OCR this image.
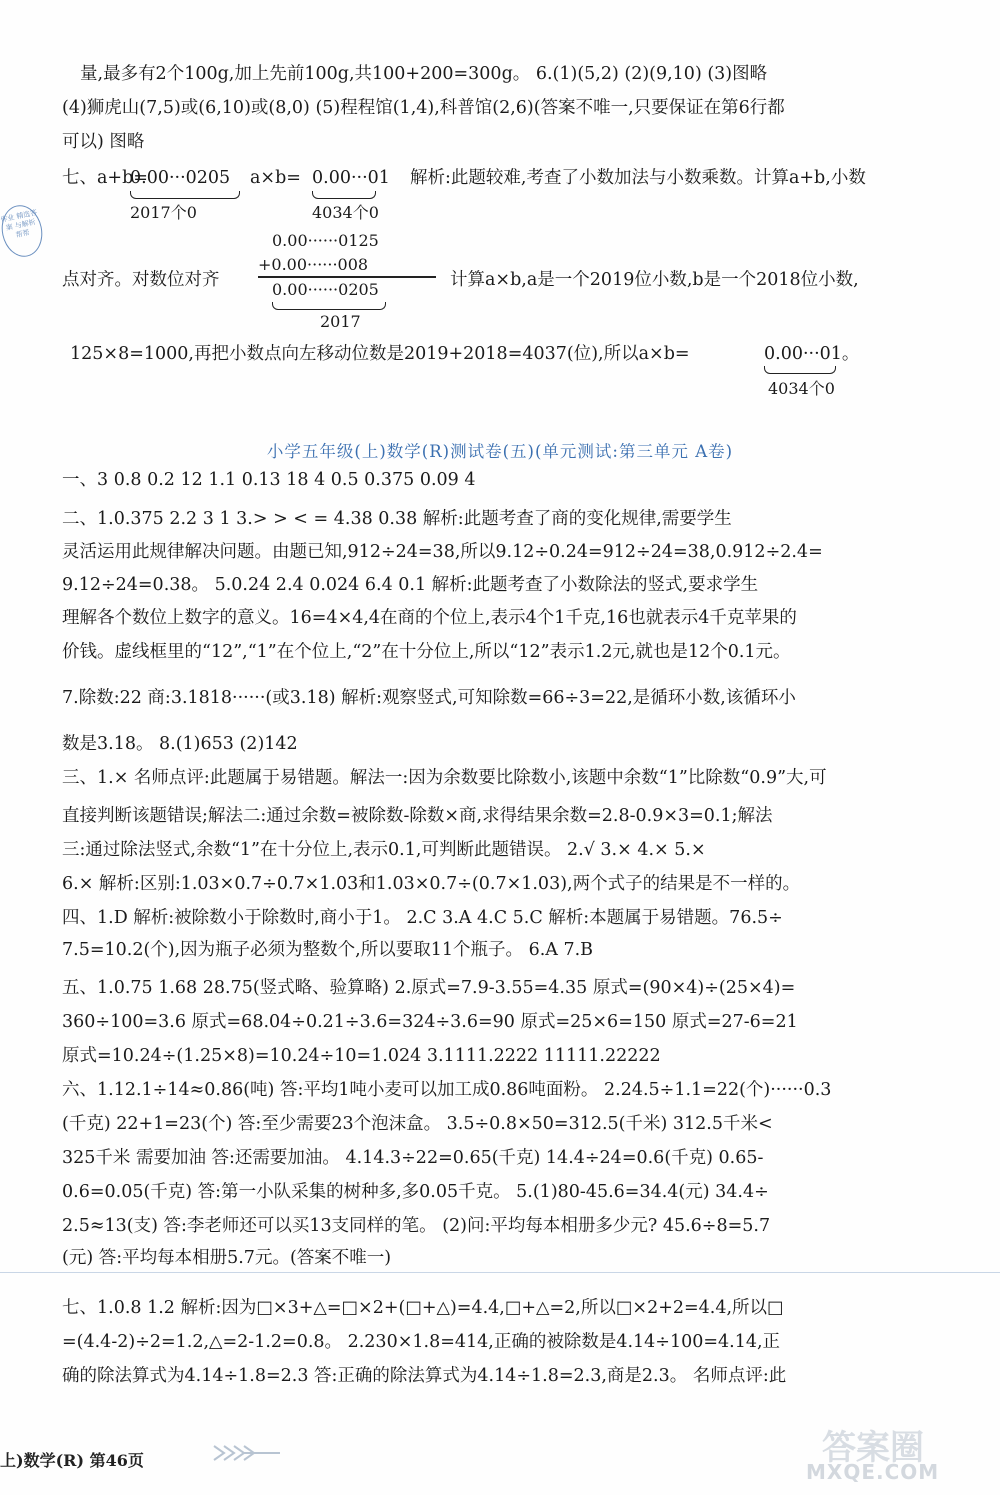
量,最多有2个100g,加上先前100g,共100+200=300g。 6.(1)(5,2) (2)(9,10) (3)图略
(4)狮虎山(7,5)或(6,10)或(8,0) (5)程程馆(1,4),科普馆(2,6)(答案不唯一,只要保证在第6行都
可以) 图略
七、a+b=
0.00···0205
2017个0
a×b= 0.00···01
4034个0
解析:此题较难,考查了小数加法与小数乘数。计算a+b,小数
作业 精选答案 与解析 帮帮	0.00······0125
+0.00······008
点对齐。对数位对齐	0.00······0205
2017
计算a×b,a是一个2019位小数,b是一个2018位小数,
125×8=1000,再把小数点向左移动位数是2019+2018=4037(位),所以a×b=	0.00···01。
4034个0
小学五年级(上)数学(R)测试卷(五)(单元测试:第三单元 A卷)
一、3 0.8 0.2 12 1.1 0.13 18 4 0.5 0.375 0.09 4
二、1.0.375 2.2 3 1 3.> > < = 4.38 0.38 解析:此题考查了商的变化规律,需要学生
灵活运用此规律解决问题。由题已知,912÷24=38,所以9.12÷0.24=912÷24=38,0.912÷2.4=
9.12÷24=0.38。 5.0.24 2.4 0.024 6.4 0.1 解析:此题考查了小数除法的竖式,要求学生
理解各个数位上数字的意义。16=4×4,4在商的个位上,表示4个1千克,16也就表示4千克苹果的
价钱。虚线框里的“12”,“1”在个位上,“2”在十分位上,所以“12”表示1.2元,就也是12个0.1元。
7.除数:22 商:3.1818······(或3.18) 解析:观察竖式,可知除数=66÷3=22,是循环小数,该循环小
数是3.18。 8.(1)653 (2)142
三、1.× 名师点评:此题属于易错题。解法一:因为余数要比除数小,该题中余数“1”比除数“0.9”大,可
直接判断该题错误;解法二:通过余数=被除数-除数×商,求得结果余数=2.8-0.9×3=0.1;解法
三:通过除法竖式,余数“1”在十分位上,表示0.1,可判断此题错误。 2.√ 3.× 4.× 5.×
6.× 解析:区别:1.03×0.7÷0.7×1.03和1.03×0.7÷(0.7×1.03),两个式子的结果是不一样的。
四、1.D 解析:被除数小于除数时,商小于1。 2.C 3.A 4.C 5.C 解析:本题属于易错题。76.5÷
7.5=10.2(个),因为瓶子必须为整数个,所以要取11个瓶子。 6.A 7.B
五、1.0.75 1.68 28.75(竖式略、验算略) 2.原式=7.9-3.55=4.35 原式=(90×4)÷(25×4)=
360÷100=3.6 原式=68.04÷0.21÷3.6=324÷3.6=90 原式=25×6=150 原式=27-6=21
原式=10.24÷(1.25×8)=10.24÷10=1.024 3.1111.2222 11111.22222
六、1.12.1÷14≈0.86(吨) 答:平均1吨小麦可以加工成0.86吨面粉。 2.24.5÷1.1=22(个)······0.3
(千克) 22+1=23(个) 答:至少需要23个泡沫盒。 3.5÷0.8×50=312.5(千米) 312.5千米<
325千米 需要加油 答:还需要加油。 4.14.3÷22=0.65(千克) 14.4÷24=0.6(千克) 0.65-
0.6=0.05(千克) 答:第一小队采集的树种多,多0.05千克。 5.(1)80-45.6=34.4(元) 34.4÷
2.5≈13(支) 答:李老师还可以买13支同样的笔。 (2)问:平均每本相册多少元? 45.6÷8=5.7
(元) 答:平均每本相册5.7元。(答案不唯一)
七、1.0.8 1.2 解析:因为□×3+△=□×2+(□+△)=4.4,□+△=2,所以□×2+2=4.4,所以□
=(4.4-2)÷2=1.2,△=2-1.2=0.8。 2.230×1.8=414,正确的被除数是4.14÷100=4.14,正
确的除法算式为4.14÷1.8=2.3 答:正确的除法算式为4.14÷1.8=2.3,商是2.3。 名师点评:此
上)数学(R) 第46页	答案圈
MXQE.COM
